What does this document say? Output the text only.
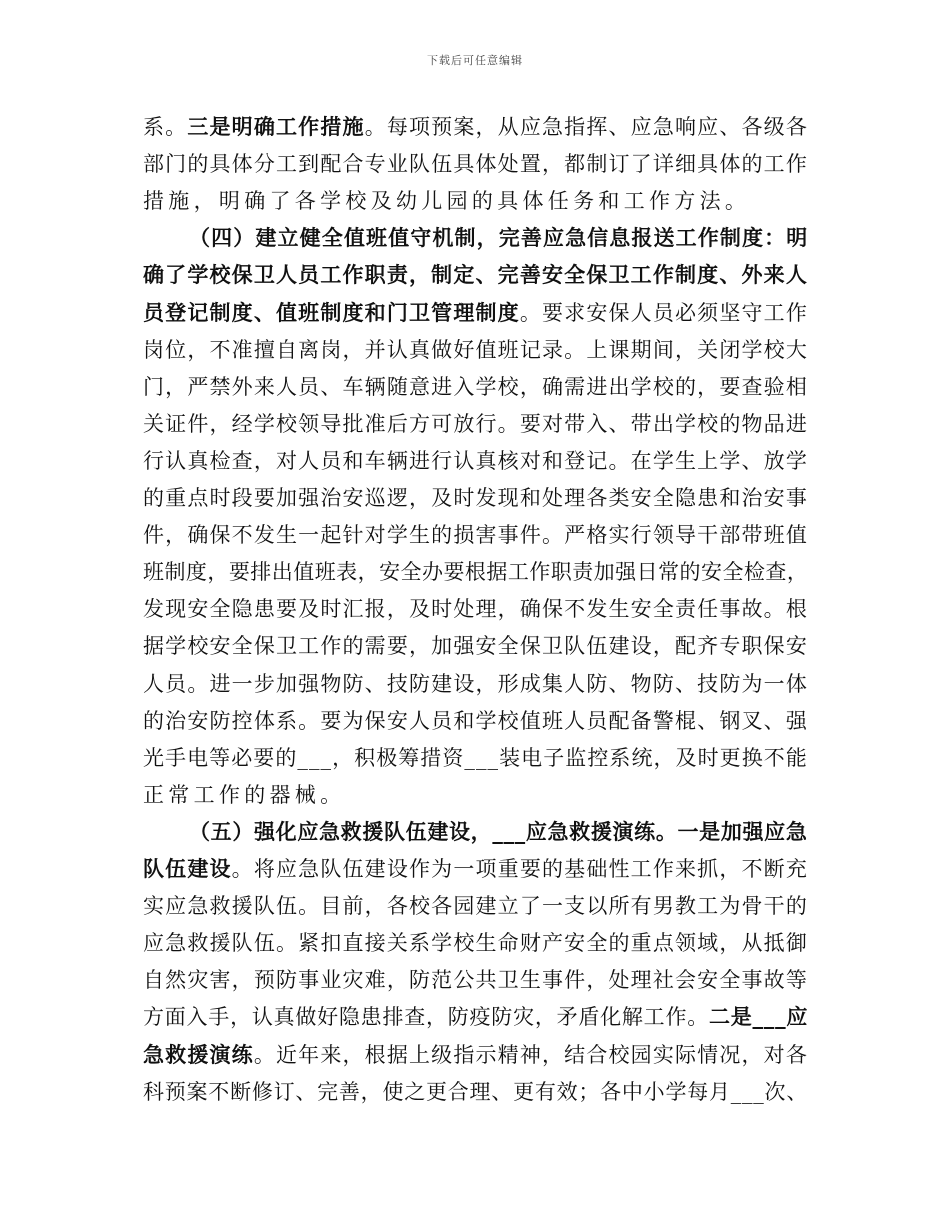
下载后可任意编辑
系。三是明确工作措施。每项预案，从应急指挥、应急响应、各级各
部门的具体分工到配合专业队伍具体处置，都制订了详细具体的工作
措施，明确了各学校及幼儿园的具体任务和工作方法。
（四）建立健全值班值守机制，完善应急信息报送工作制度：明
确了学校保卫人员工作职责，制定、完善安全保卫工作制度、外来人
员登记制度、值班制度和门卫管理制度。要求安保人员必须坚守工作
岗位，不准擅自离岗，并认真做好值班记录。上课期间，关闭学校大
门，严禁外来人员、车辆随意进入学校，确需进出学校的，要查验相
关证件，经学校领导批准后方可放行。要对带入、带出学校的物品进
行认真检查，对人员和车辆进行认真核对和登记。在学生上学、放学
的重点时段要加强治安巡逻，及时发现和处理各类安全隐患和治安事
件，确保不发生一起针对学生的损害事件。严格实行领导干部带班值
班制度，要排出值班表，安全办要根据工作职责加强日常的安全检查，
发现安全隐患要及时汇报，及时处理，确保不发生安全责任事故。根
据学校安全保卫工作的需要，加强安全保卫队伍建设，配齐专职保安
人员。进一步加强物防、技防建设，形成集人防、物防、技防为一体
的治安防控体系。要为保安人员和学校值班人员配备警棍、钢叉、强
光手电等必要的___，积极筹措资___装电子监控系统，及时更换不能
正常工作的器械。
（五）强化应急救援队伍建设，___应急救援演练。一是加强应急
队伍建设。将应急队伍建设作为一项重要的基础性工作来抓，不断充
实应急救援队伍。目前，各校各园建立了一支以所有男教工为骨干的
应急救援队伍。紧扣直接关系学校生命财产安全的重点领域，从抵御
自然灾害，预防事业灾难，防范公共卫生事件，处理社会安全事故等
方面入手，认真做好隐患排查，防疫防灾，矛盾化解工作。二是___应
急救援演练。近年来，根据上级指示精神，结合校园实际情况，对各
科预案不断修订、完善，使之更合理、更有效；各中小学每月___次、
